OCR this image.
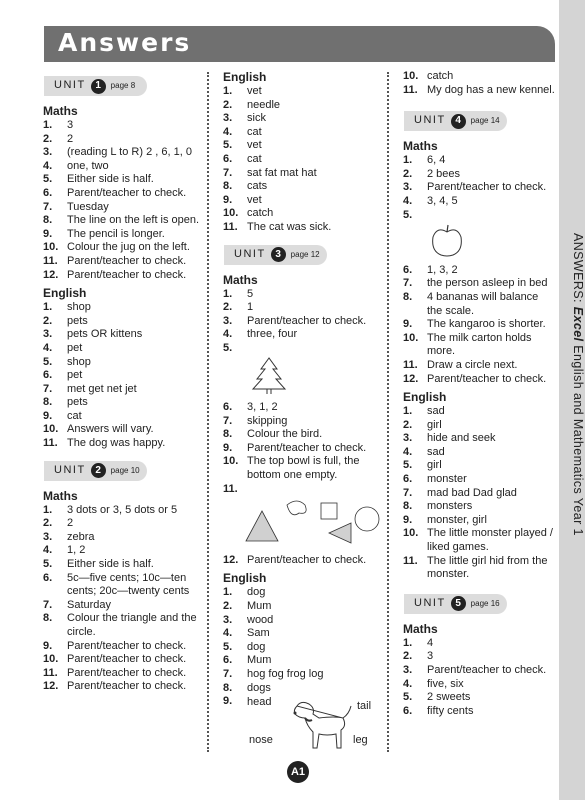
Answers
ANSWERS: Excel English and Mathematics Year 1
UNIT 1	page 8
Maths
1.	3
2.	2
3.	(reading L to R) 2 , 6, 1, 0
4.	one, two
5.	Either side is half.
6.	Parent/teacher to check.
7.	Tuesday
8.	The line on the left is open.
9.	The pencil is longer.
10. Colour the jug on the left.
11. Parent/teacher to check.
12. Parent/teacher to check.
English
1.	shop
2.	pets
3.	pets OR kittens
4.	pet
5.	shop
6.	pet
7.	met get net jet
8.	pets
9.	cat
10. Answers will vary.
11. The dog was happy.
UNIT 2	page 10
Maths
1.	3 dots or 3, 5 dots or 5
2.	2
3.	zebra
4.	1, 2
5.	Either side is half.
6.	5c—five cents; 10c—ten cents; 20c—twenty cents
7.	Saturday
8.	Colour the triangle and the circle.
9.	Parent/teacher to check.
10. Parent/teacher to check.
11. Parent/teacher to check.
12. Parent/teacher to check.
English
1.	vet
2.	needle
3.	sick
4.	cat
5.	vet
6.	cat
7.	sat fat mat hat
8.	cats
9.	vet
10. catch
11. The cat was sick.
UNIT 3	page 12
Maths
1.	5
2.	1
3.	Parent/teacher to check.
4.	three, four
5.
6.	3, 1, 2
7.	skipping
8.	Colour the bird.
9.	Parent/teacher to check.
10. The top bowl is full, the bottom one empty.
11.
12. Parent/teacher to check.
English
1.	dog
2.	Mum
3.	wood
4.	Sam
5.	dog
6.	Mum
7.	hog fog frog log
8.	dogs
9.	head	tail
nose	leg
10. catch
11. My dog has a new kennel.
UNIT 4	page 14
Maths
1.	6, 4
2.	2 bees
3.	Parent/teacher to check.
4.	3, 4, 5
5.
6.	1, 3, 2
7.	the person asleep in bed
8.	4 bananas will balance the scale.
9.	The kangaroo is shorter.
10. The milk carton holds more.
11. Draw a circle next.
12. Parent/teacher to check.
English
1.	sad
2.	girl
3.	hide and seek
4.	sad
5.	girl
6.	monster
7.	mad bad Dad glad
8.	monsters
9.	monster, girl
10. The little monster played / liked games.
11. The little girl hid from the monster.
UNIT 5	page 16
Maths
1.	4
2.	3
3.	Parent/teacher to check.
4.	five, six
5.	2 sweets
6.	fifty cents
A1
